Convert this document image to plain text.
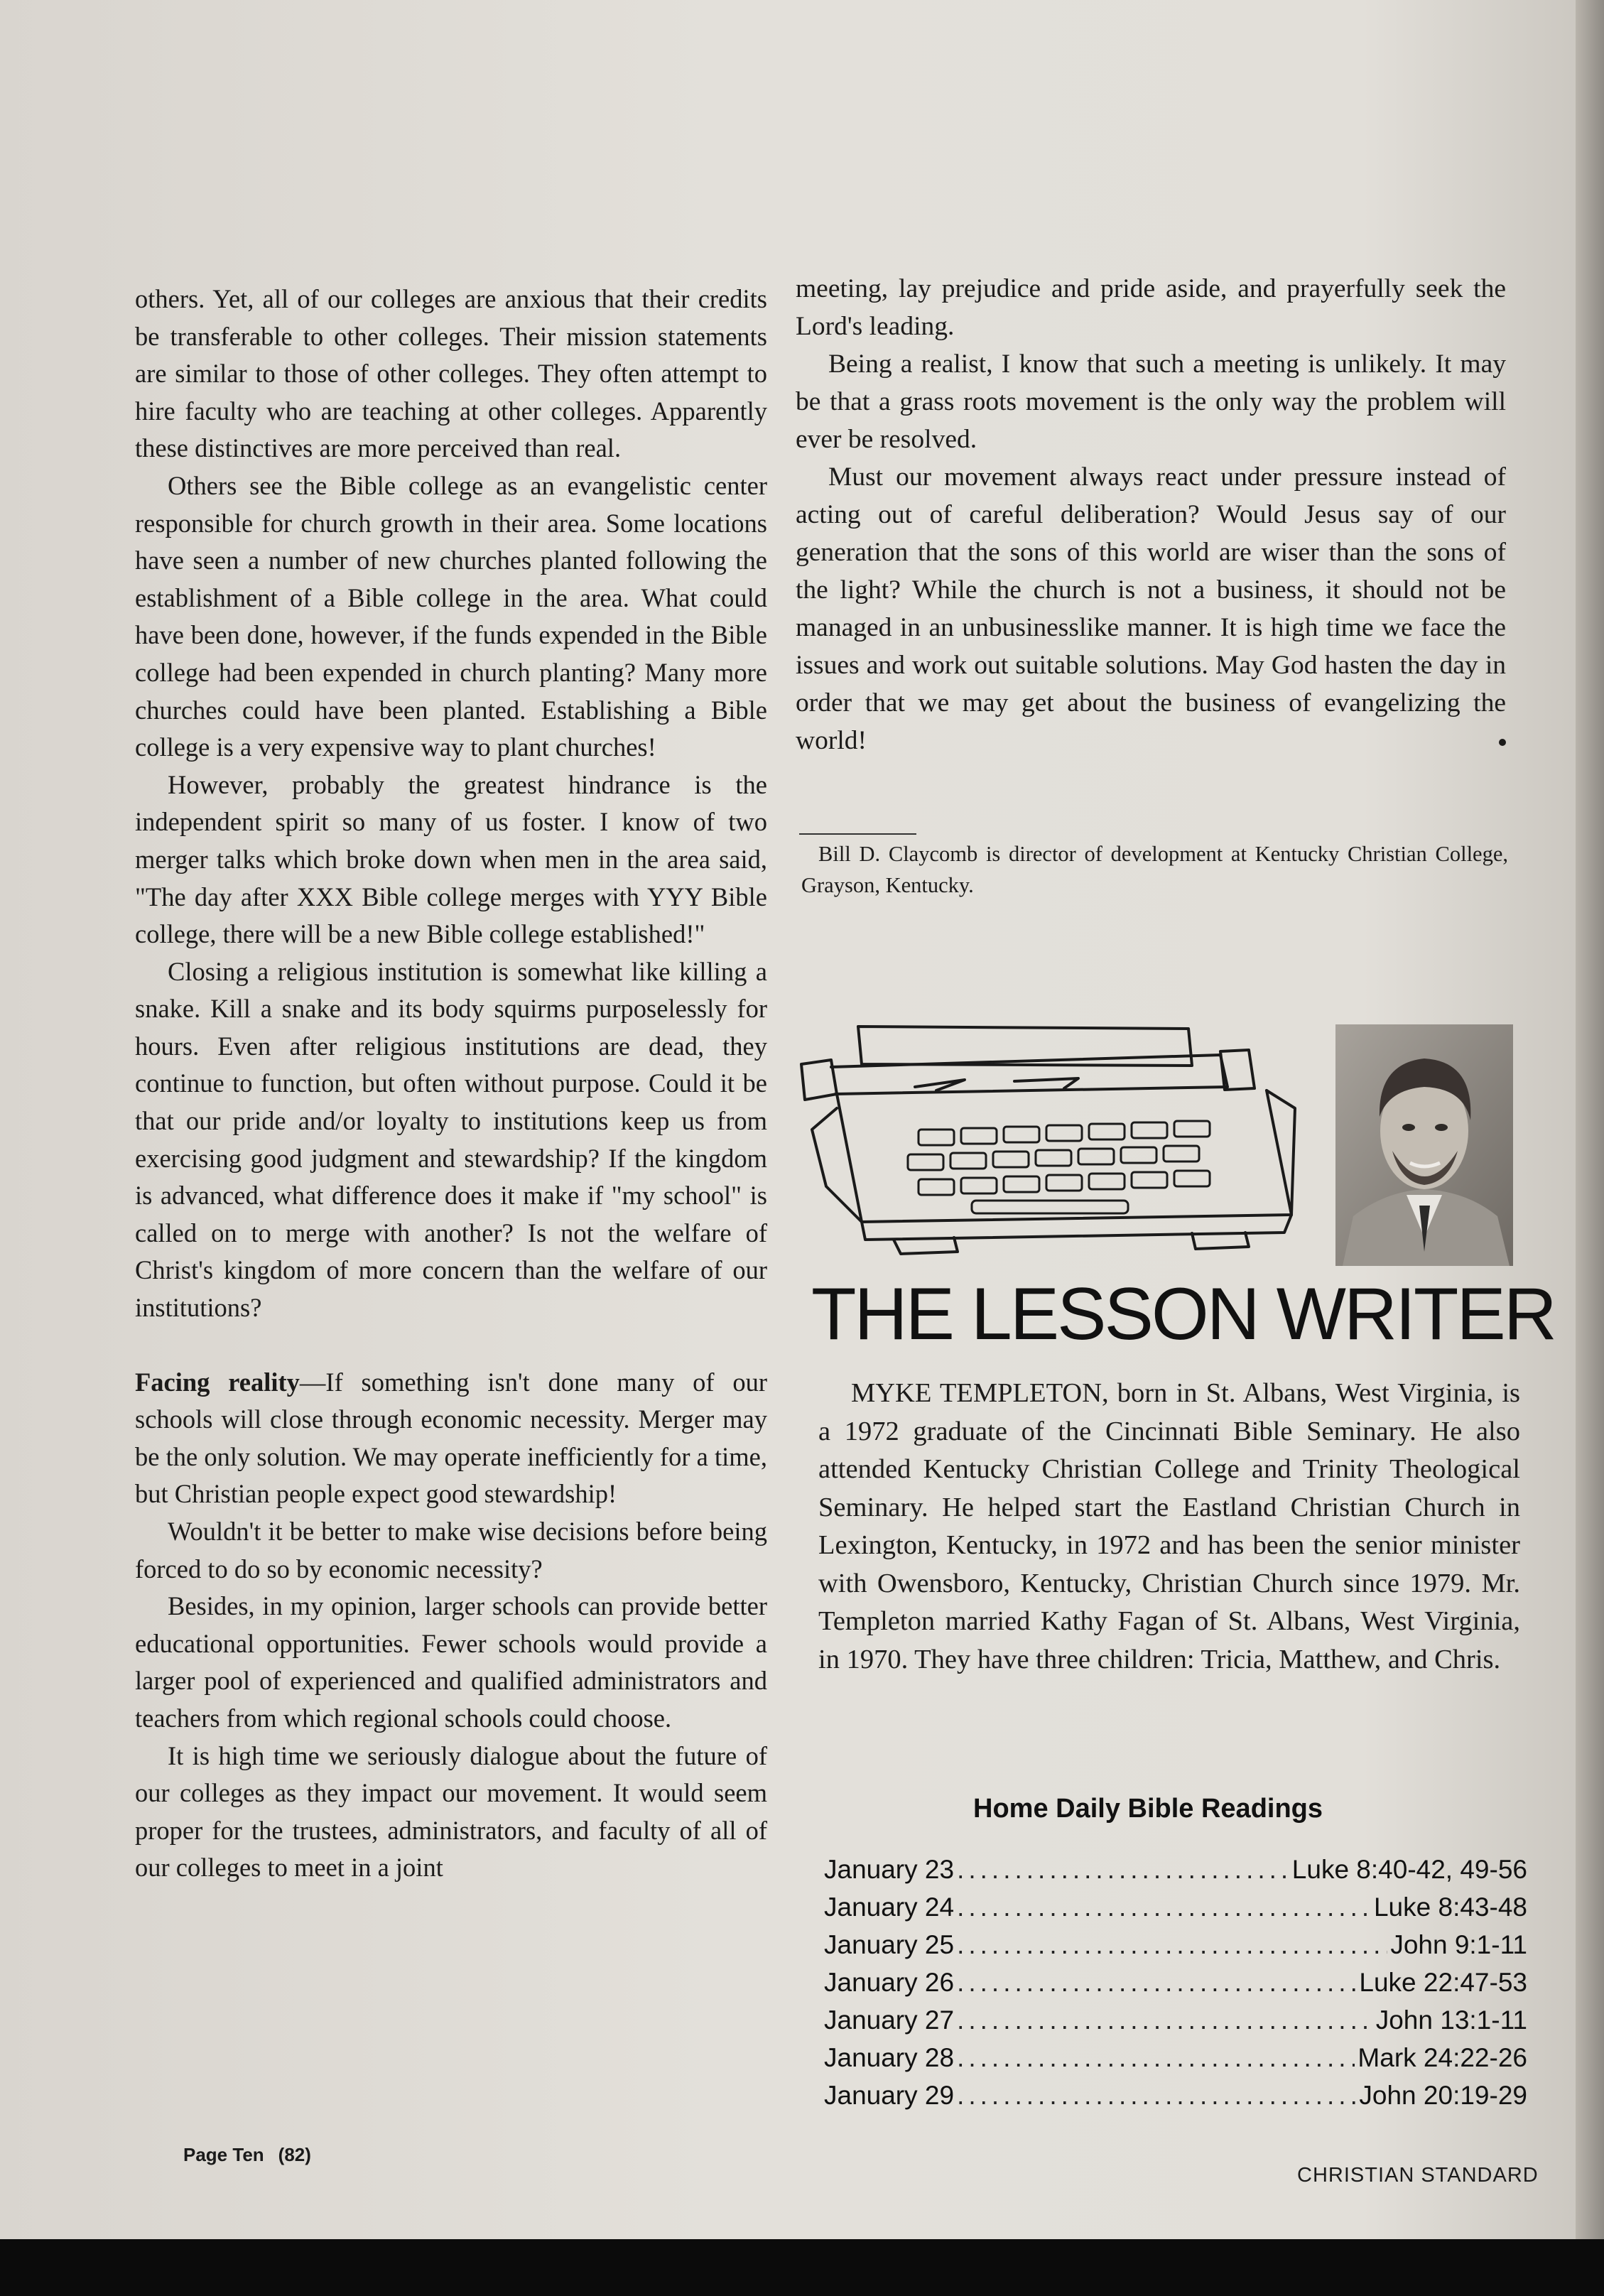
others. Yet, all of our colleges are anxious that their credits be transferable to other colleges. Their mission statements are similar to those of other colleges. They often attempt to hire faculty who are teaching at other colleges. Apparently these distinctives are more perceived than real.

Others see the Bible college as an evangelistic center responsible for church growth in their area. Some locations have seen a number of new churches planted following the establishment of a Bible college in the area. What could have been done, however, if the funds expended in the Bible college had been expended in church planting? Many more churches could have been planted. Establishing a Bible college is a very expensive way to plant churches!

However, probably the greatest hindrance is the independent spirit so many of us foster. I know of two merger talks which broke down when men in the area said, "The day after XXX Bible college merges with YYY Bible college, there will be a new Bible college established!"

Closing a religious institution is somewhat like killing a snake. Kill a snake and its body squirms purposelessly for hours. Even after religious institutions are dead, they continue to function, but often without purpose. Could it be that our pride and/or loyalty to institutions keep us from exercising good judgment and stewardship? If the kingdom is advanced, what difference does it make if "my school" is called on to merge with another? Is not the welfare of Christ's kingdom of more concern than the welfare of our institutions?

Facing reality—If something isn't done many of our schools will close through economic necessity. Merger may be the only solution. We may operate inefficiently for a time, but Christian people expect good stewardship!

Wouldn't it be better to make wise decisions before being forced to do so by economic necessity?

Besides, in my opinion, larger schools can provide better educational opportunities. Fewer schools would provide a larger pool of experienced and qualified administrators and teachers from which regional schools could choose.

It is high time we seriously dialogue about the future of our colleges as they impact our movement. It would seem proper for the trustees, administrators, and faculty of all of our colleges to meet in a joint

meeting, lay prejudice and pride aside, and prayerfully seek the Lord's leading.

Being a realist, I know that such a meeting is unlikely. It may be that a grass roots movement is the only way the problem will ever be resolved.

Must our movement always react under pressure instead of acting out of careful deliberation? Would Jesus say of our generation that the sons of this world are wiser than the sons of the light? While the church is not a business, it should not be managed in an unbusinesslike manner. It is high time we face the issues and work out suitable solutions. May God hasten the day in order that we may get about the business of evangelizing the world!

Bill D. Claycomb is director of development at Kentucky Christian College, Grayson, Kentucky.
THE LESSON WRITER

MYKE TEMPLETON, born in St. Albans, West Virginia, is a 1972 graduate of the Cincinnati Bible Seminary. He also attended Kentucky Christian College and Trinity Theological Seminary. He helped start the Eastland Christian Church in Lexington, Kentucky, in 1972 and has been the senior minister with Owensboro, Kentucky, Christian Church since 1979. Mr. Templeton married Kathy Fagan of St. Albans, West Virginia, in 1970. They have three children: Tricia, Matthew, and Chris.

Home Daily Bible Readings
January 23 .....	Luke 8:40-42, 49-56
January 24 .....	Luke 8:43-48
January 25 .....	John 9:1-11
January 26 .....	Luke 22:47-53
January 27 .....	John 13:1-11
January 28 .....	Mark 24:22-26
January 29 .....	John 20:19-29
Page Ten (82)
CHRISTIAN STANDARD
